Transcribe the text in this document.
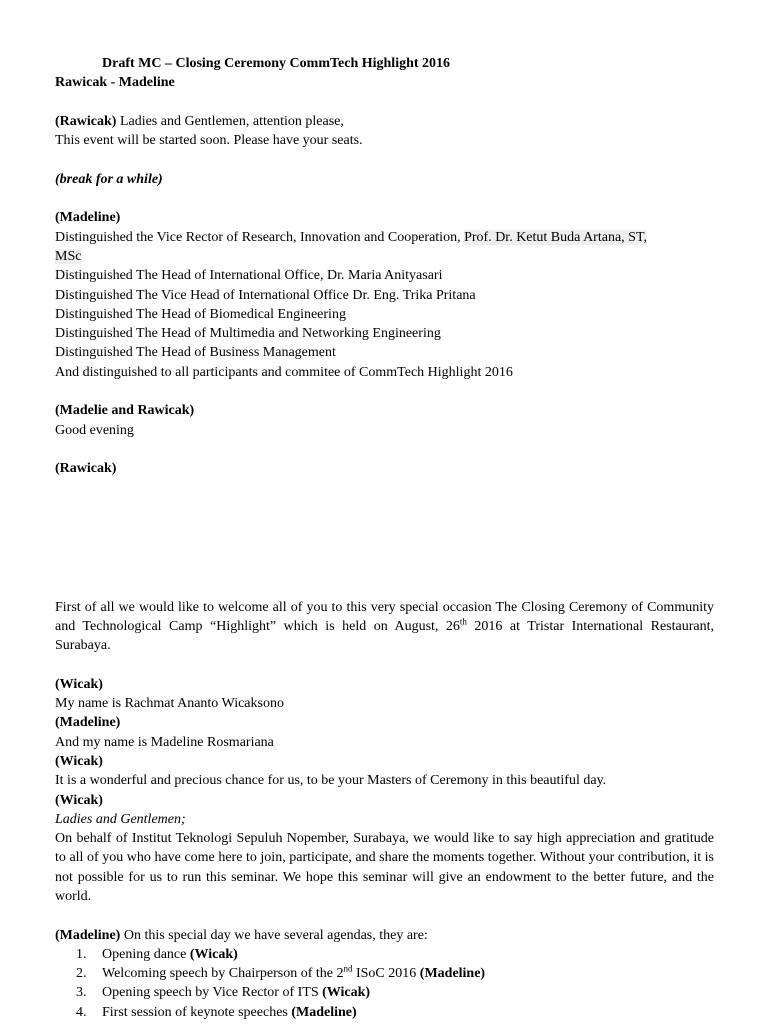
Draft MC – Closing Ceremony CommTech Highlight 2016
Rawicak - Madeline
(Rawicak) Ladies and Gentlemen, attention please,
This event will be started soon. Please have your seats.
(break for a while)
(Madeline)
Distinguished the Vice Rector of Research, Innovation and Cooperation, Prof. Dr. Ketut Buda Artana, ST,
MSc
Distinguished The Head of International Office, Dr. Maria Anityasari
Distinguished The Vice Head of International Office Dr. Eng. Trika Pritana
Distinguished The Head of Biomedical Engineering
Distinguished The Head of Multimedia and Networking Engineering
Distinguished The Head of Business Management
And distinguished to all participants and commitee of CommTech Highlight 2016
(Madelie and Rawicak)
Good evening
(Rawicak)
First of all we would like to welcome all of you to this very special occasion The Closing Ceremony of Community and Technological Camp “Highlight” which is held on August, 26th 2016 at Tristar International Restaurant, Surabaya.
(Wicak)
My name is Rachmat Ananto Wicaksono
(Madeline)
And my name is Madeline Rosmariana
(Wicak)
It is a wonderful and precious chance for us, to be your Masters of Ceremony in this beautiful day.
(Wicak)
Ladies and Gentlemen;
On behalf of Institut Teknologi Sepuluh Nopember, Surabaya, we would like to say high appreciation and gratitude to all of you who have come here to join, participate, and share the moments together. Without your contribution, it is not possible for us to run this seminar. We hope this seminar will give an endowment to the better future, and the world.
(Madeline) On this special day we have several agendas, they are:
1. Opening dance (Wicak)
2. Welcoming speech by Chairperson of the 2nd ISoC 2016 (Madeline)
3. Opening speech by Vice Rector of ITS (Wicak)
4. First session of keynote speeches (Madeline)
